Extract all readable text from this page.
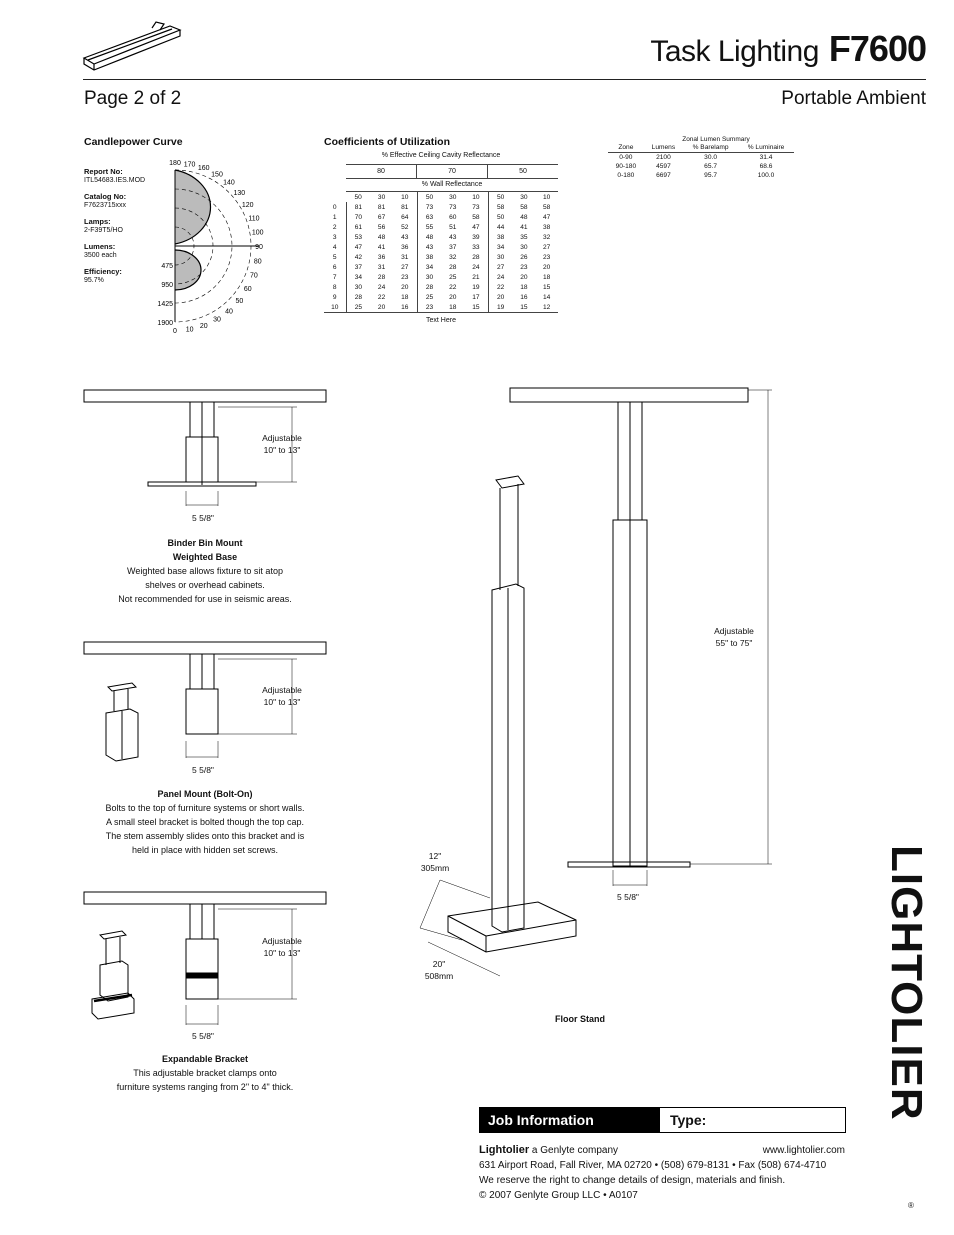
Task Lighting F7600
Page 2 of 2	Portable Ambient
Candlepower Curve
Report No:
ITL54683.IES.MOD
Catalog No:
F7623715xxx
Lamps:
2-F39T5/HO
Lumens:
3500 each
Efficiency:
95.7%
475
950
1425
1900
0 10
20
30
40
50
60
70
80
90
100
110
120
130
140
150
160
170
180
Coefficients of Utilization
% Effective Ceiling Cavity Reflectance
80	70	50
% Wall Reflectance
	50	30	10	50	30	10	50	30	10
0	81	81	81	73	73	73	58	58	58
1	70	67	64	63	60	58	50	48	47
2	61	56	52	55	51	47	44	41	38
3	53	48	43	48	43	39	38	35	32
4	47	41	36	43	37	33	34	30	27
5	42	36	31	38	32	28	30	26	23
6	37	31	27	34	28	24	27	23	20
7	34	28	23	30	25	21	24	20	18
8	30	24	20	28	22	19	22	18	15
9	28	22	18	25	20	17	20	16	14
10	25	20	16	23	18	15	19	15	12
Text Here
Zonal Lumen Summary
Zone	Lumens	% Barelamp	% Luminaire
0-90	2100	30.0	31.4
90-180	4597	65.7	68.6
0-180	6697	95.7	100.0
Adjustable
10" to 13"
5 5/8"
Binder Bin Mount
Weighted Base
Weighted base allows fixture to sit atop
shelves or overhead cabinets.
Not recommended for use in seismic areas.
Adjustable
10" to 13"
5 5/8"
Panel Mount (Bolt-On)
Bolts to the top of furniture systems or short walls.
A small steel bracket is bolted though the top cap.
The stem assembly slides onto this bracket and is
held in place with hidden set screws.
Adjustable
10" to 13"
5 5/8"
Expandable Bracket
This adjustable bracket clamps onto
furniture systems ranging from 2" to 4" thick.
Adjustable
55" to 75"
12"
305mm
20"
508mm
5 5/8"
Floor Stand
Job Information	Type:
Lightolier a Genlyte company	www.lightolier.com
631 Airport Road, Fall River, MA 02720 • (508) 679-8131 • Fax (508) 674-4710
We reserve the right to change details of design, materials and finish.
© 2007 Genlyte Group LLC • A0107
LIGHTOLIER
®
